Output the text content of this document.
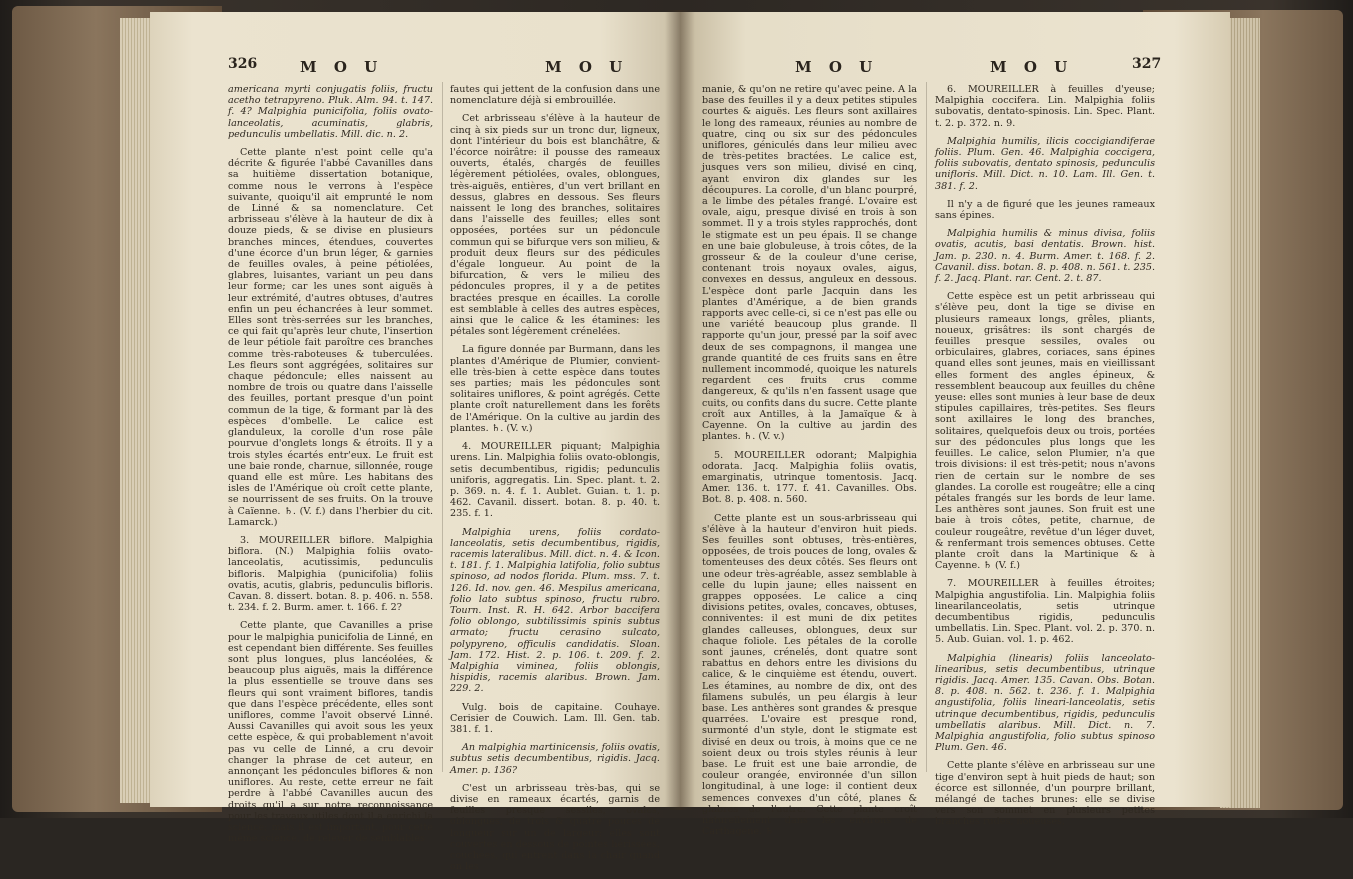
326	M O U	M O U

americana myrti conjugatis foliis, fructu acetho tetrapyreno. Pluk. Alm. 94. t. 147. f. 4? Malpighia punicifolia, foliis ovato-lanceolatis, acuminatis, glabris, pedunculis umbellatis. Mill. dic. n. 2.

Cette plante n'est point celle qu'a décrite & figurée l'abbé Cavanilles dans sa huitième dissertation botanique, comme nous le verrons à l'espèce suivante, quoiqu'il ait emprunté le nom de Linné & sa nomenclature. Cet arbrisseau s'élève à la hauteur de dix à douze pieds, & se divise en plusieurs branches minces, étendues, couvertes d'une écorce d'un brun léger, & garnies de feuilles ovales, à peine pétiolées, glabres, luisantes, variant un peu dans leur forme; car les unes sont aiguës à leur extrémité, d'autres obtuses, d'autres enfin un peu échancrées à leur sommet. Elles sont très-serrées sur les branches, ce qui fait qu'après leur chute, l'insertion de leur pétiole fait paroître ces branches comme très-raboteuses & tuberculées. Les fleurs sont aggrégées, solitaires sur chaque pédoncule; elles naissent au nombre de trois ou quatre dans l'aisselle des feuilles, portant presque d'un point commun de la tige, & formant par là des espèces d'ombelle. Le calice est glanduleux, la corolle d'un rose pâle pourvue d'onglets longs & étroits. Il y a trois styles écartés entr'eux. Le fruit est une baie ronde, charnue, sillonnée, rouge quand elle est mûre. Les habitans des isles de l'Amérique où croît cette plante, se nourrissent de ses fruits. On la trouve à Caïenne. ♄. (V. f.) dans l'herbier du cit. Lamarck.)

3. MOUREILLER biflore. Malpighia biflora. (N.) Malpighia foliis ovato-lanceolatis, acutissimis, pedunculis bifloris. Malpighia (punicifolia) foliis ovatis, acutis, glabris, pedunculis bifloris. Cavan. 8. dissert. botan. 8. p. 406. n. 558. t. 234. f. 2. Burm. amer. t. 166. f. 2?

Cette plante, que Cavanilles a prise pour le malpighia punicifolia de Linné, en est cependant bien différente. Ses feuilles sont plus longues, plus lancéolées, & beaucoup plus aiguës, mais la différence la plus essentielle se trouve dans ses fleurs qui sont vraiment biflores, tandis que dans l'espèce précédente, elles sont uniflores, comme l'avoit observé Linné. Aussi Cavanilles qui avoit sous les yeux cette espèce, & qui probablement n'avoit pas vu celle de Linné, a cru devoir changer la phrase de cet auteur, en annonçant les pédoncules biflores & non uniflores. Au reste, cette erreur ne fait perdre à l'abbé Cavanilles aucun des droits qu'il a sur notre reconnoissance pour les travaux utiles dont il a enrichi la science; mais il est important, pour cette même science, de relever de semblables

fautes qui jettent de la confusion dans une nomenclature déjà si embrouillée.

Cet arbrisseau s'élève à la hauteur de cinq à six pieds sur un tronc dur, ligneux, dont l'intérieur du bois est blanchâtre, & l'écorce noirâtre: il pousse des rameaux ouverts, étalés, chargés de feuilles légèrement pétiolées, ovales, oblongues, très-aiguës, entières, d'un vert brillant en dessus, glabres en dessous. Ses fleurs naissent le long des branches, solitaires dans l'aisselle des feuilles; elles sont opposées, portées sur un pédoncule commun qui se bifurque vers son milieu, & produit deux fleurs sur des pédicules d'égale longueur. Au point de la bifurcation, & vers le milieu des pédoncules propres, il y a de petites bractées presque en écailles. La corolle est semblable à celles des autres espèces, ainsi que le calice & les étamines: les pétales sont légèrement crénelées.

La figure donnée par Burmann, dans les plantes d'Amérique de Plumier, convient-elle très-bien à cette espèce dans toutes ses parties; mais les pédoncules sont solitaires uniflores, & point agrégés. Cette plante croît naturellement dans les forêts de l'Amérique. On la cultive au jardin des plantes. ♄. (V. v.)

4. MOUREILLER piquant; Malpighia urens. Lin. Malpighia foliis ovato-oblongis, setis decumbentibus, rigidis; pedunculis uniforis, aggregatis. Lin. Spec. plant. t. 2. p. 369. n. 4. f. 1. Aublet. Guian. t. 1. p. 462. Cavanil. dissert. botan. 8. p. 40. t. 235. f. 1.

Malpighia urens, foliis cordato-lanceolatis, setis decumbentibus, rigidis, racemis lateralibus. Mill. dict. n. 4. & Icon. t. 181. f. 1. Malpighia latifolia, folio subtus spinoso, ad nodos florida. Plum. mss. 7. t. 126. Id. nov. gen. 46. Mespilus americana, folio lato subtus spinoso, fructu rubro. Tourn. Inst. R. H. 642. Arbor baccifera folio oblongo, subtilissimis spinis subtus armato; fructu cerasino sulcato, polypyreno, officulis candidatis. Sloan. Jam. 172. Hist. 2. p. 106. t. 209. f. 2. Malpighia viminea, foliis oblongis, hispidis, racemis alaribus. Brown. Jam. 229. 2.

Vulg. bois de capitaine. Couhaye. Cerisier de Couwich. Lam. Ill. Gen. tab. 381. f. 1.

An malpighia martinicensis, foliis ovatis, subtus setis decumbentibus, rigidis. Jacq. Amer. p. 136?

C'est un arbrisseau très-bas, qui se divise en rameaux écartés, garnis de feuilles presque sessiles, ovales, oblongues, de trois & quatre pouces de longueur sur un de largeur; elles sont couvertes en dessous de pointes hérissées, couchées, qui entrent dans la chair quand on les

M O U	M O U	327

manie, & qu'on ne retire qu'avec peine. A la base des feuilles il y a deux petites stipules courtes & aiguës. Les fleurs sont axillaires le long des rameaux, réunies au nombre de quatre, cinq ou six sur des pédoncules uniflores, géniculés dans leur milieu avec de très-petites bractées. Le calice est, jusques vers son milieu, divisé en cinq, ayant environ dix glandes sur les découpures. La corolle, d'un blanc pourpré, a le limbe des pétales frangé. L'ovaire est ovale, aigu, presque divisé en trois à son sommet. Il y a trois styles rapprochés, dont le stigmate est un peu épais. Il se change en une baie globuleuse, à trois côtes, de la grosseur & de la couleur d'une cerise, contenant trois noyaux ovales, aigus, convexes en dessus, anguleux en dessous. L'espèce dont parle Jacquin dans les plantes d'Amérique, a de bien grands rapports avec celle-ci, si ce n'est pas elle ou une variété beaucoup plus grande. Il rapporte qu'un jour, pressé par la soif avec deux de ses compagnons, il mangea une grande quantité de ces fruits sans en être nullement incommodé, quoique les naturels regardent ces fruits crus comme dangereux, & qu'ils n'en fassent usage que cuits, ou confits dans du sucre. Cette plante croît aux Antilles, à la Jamaïque & à Cayenne. On la cultive au jardin des plantes. ♄. (V. v.)

5. MOUREILLER odorant; Malpighia odorata. Jacq. Malpighia foliis ovatis, emarginatis, utrinque tomentosis. Jacq. Amer. 136. t. 177. f. 41. Cavanilles. Obs. Bot. 8. p. 408. n. 560.

Cette plante est un sous-arbrisseau qui s'élève à la hauteur d'environ huit pieds. Ses feuilles sont obtuses, très-entières, opposées, de trois pouces de long, ovales & tomenteuses des deux côtés. Ses fleurs ont une odeur très-agréable, assez semblable à celle du lupin jaune; elles naissent en grappes opposées. Le calice a cinq divisions petites, ovales, concaves, obtuses, conniventes: il est muni de dix petites glandes calleuses, oblongues, deux sur chaque foliole. Les pétales de la corolle sont jaunes, crénelés, dont quatre sont rabattus en dehors entre les divisions du calice, & le cinquième est étendu, ouvert. Les étamines, au nombre de dix, ont des filamens subulés, un peu élargis à leur base. Les anthères sont grandes & presque quarrées. L'ovaire est presque rond, surmonté d'un style, dont le stigmate est divisé en deux ou trois, à moins que ce ne soient deux ou trois styles réunis à leur base. Le fruit est une baie arrondie, de couleur orangée, environnée d'un sillon longitudinal, à une loge: il contient deux semences convexes d'un côté, planes & glabres de l'autre. Cette plante croît naturellement dans les environs de Carthagène. ♄

6. MOUREILLER à feuilles d'yeuse; Malpighia coccifera. Lin. Malpighia foliis subovatis, dentato-spinosis. Lin. Spec. Plant. t. 2. p. 372. n. 9.

Malpighia humilis, ilicis coccigiandiferae foliis. Plum. Gen. 46. Malpighia coccigera, foliis subovatis, dentato spinosis, pedunculis unifloris. Mill. Dict. n. 10. Lam. Ill. Gen. t. 381. f. 2.

Il n'y a de figuré que les jeunes rameaux sans épines.

Malpighia humilis & minus divisa, foliis ovatis, acutis, basi dentatis. Brown. hist. Jam. p. 230. n. 4. Burm. Amer. t. 168. f. 2. Cavanil. diss. botan. 8. p. 408. n. 561. t. 235. f. 2. Jacq. Plant. rar. Cent. 2. t. 87.

Cette espèce est un petit arbrisseau qui s'élève peu, dont la tige se divise en plusieurs rameaux longs, grêles, pliants, noueux, grisâtres: ils sont chargés de feuilles presque sessiles, ovales ou orbiculaires, glabres, coriaces, sans épines quand elles sont jeunes, mais en vieillissant elles forment des angles épineux, & ressemblent beaucoup aux feuilles du chêne yeuse: elles sont munies à leur base de deux stipules capillaires, très-petites. Ses fleurs sont axillaires le long des branches, solitaires, quelquefois deux ou trois, portées sur des pédoncules plus longs que les feuilles. Le calice, selon Plumier, n'a que trois divisions: il est très-petit; nous n'avons rien de certain sur le nombre de ses glandes. La corolle est rougeâtre; elle a cinq pétales frangés sur les bords de leur lame. Les anthères sont jaunes. Son fruit est une baie à trois côtes, petite, charnue, de couleur rougeâtre, revêtue d'un léger duvet, & renfermant trois semences obtuses. Cette plante croît dans la Martinique & à Cayenne. ♄ (V. f.)

7. MOUREILLER à feuilles étroites; Malpighia angustifolia. Lin. Malpighia foliis linearilanceolatis, setis utrinque decumbentibus rigidis, pedunculis umbellatis. Lin. Spec. Plant. vol. 2. p. 370. n. 5. Aub. Guian. vol. 1. p. 462.

Malpighia (linearis) foliis lanceolato-linearibus, setis decumbentibus, utrinque rigidis. Jacq. Amer. 135. Cavan. Obs. Botan. 8. p. 408. n. 562. t. 236. f. 1. Malpighia angustifolia, foliis lineari-lanceolatis, setis utrinque decumbentibus, rigidis, pedunculis umbellatis alaribus. Mill. Dict. n. 7. Malpighia angustifolia, folio subtus spinoso Plum. Gen. 46.

Cette plante s'élève en arbrisseau sur une tige d'environ sept à huit pieds de haut; son écorce est sillonnée, d'un pourpre brillant, mélangé de taches brunes: elle se divise vers son sommet en plusieurs petites branches rudes, noueuses,
